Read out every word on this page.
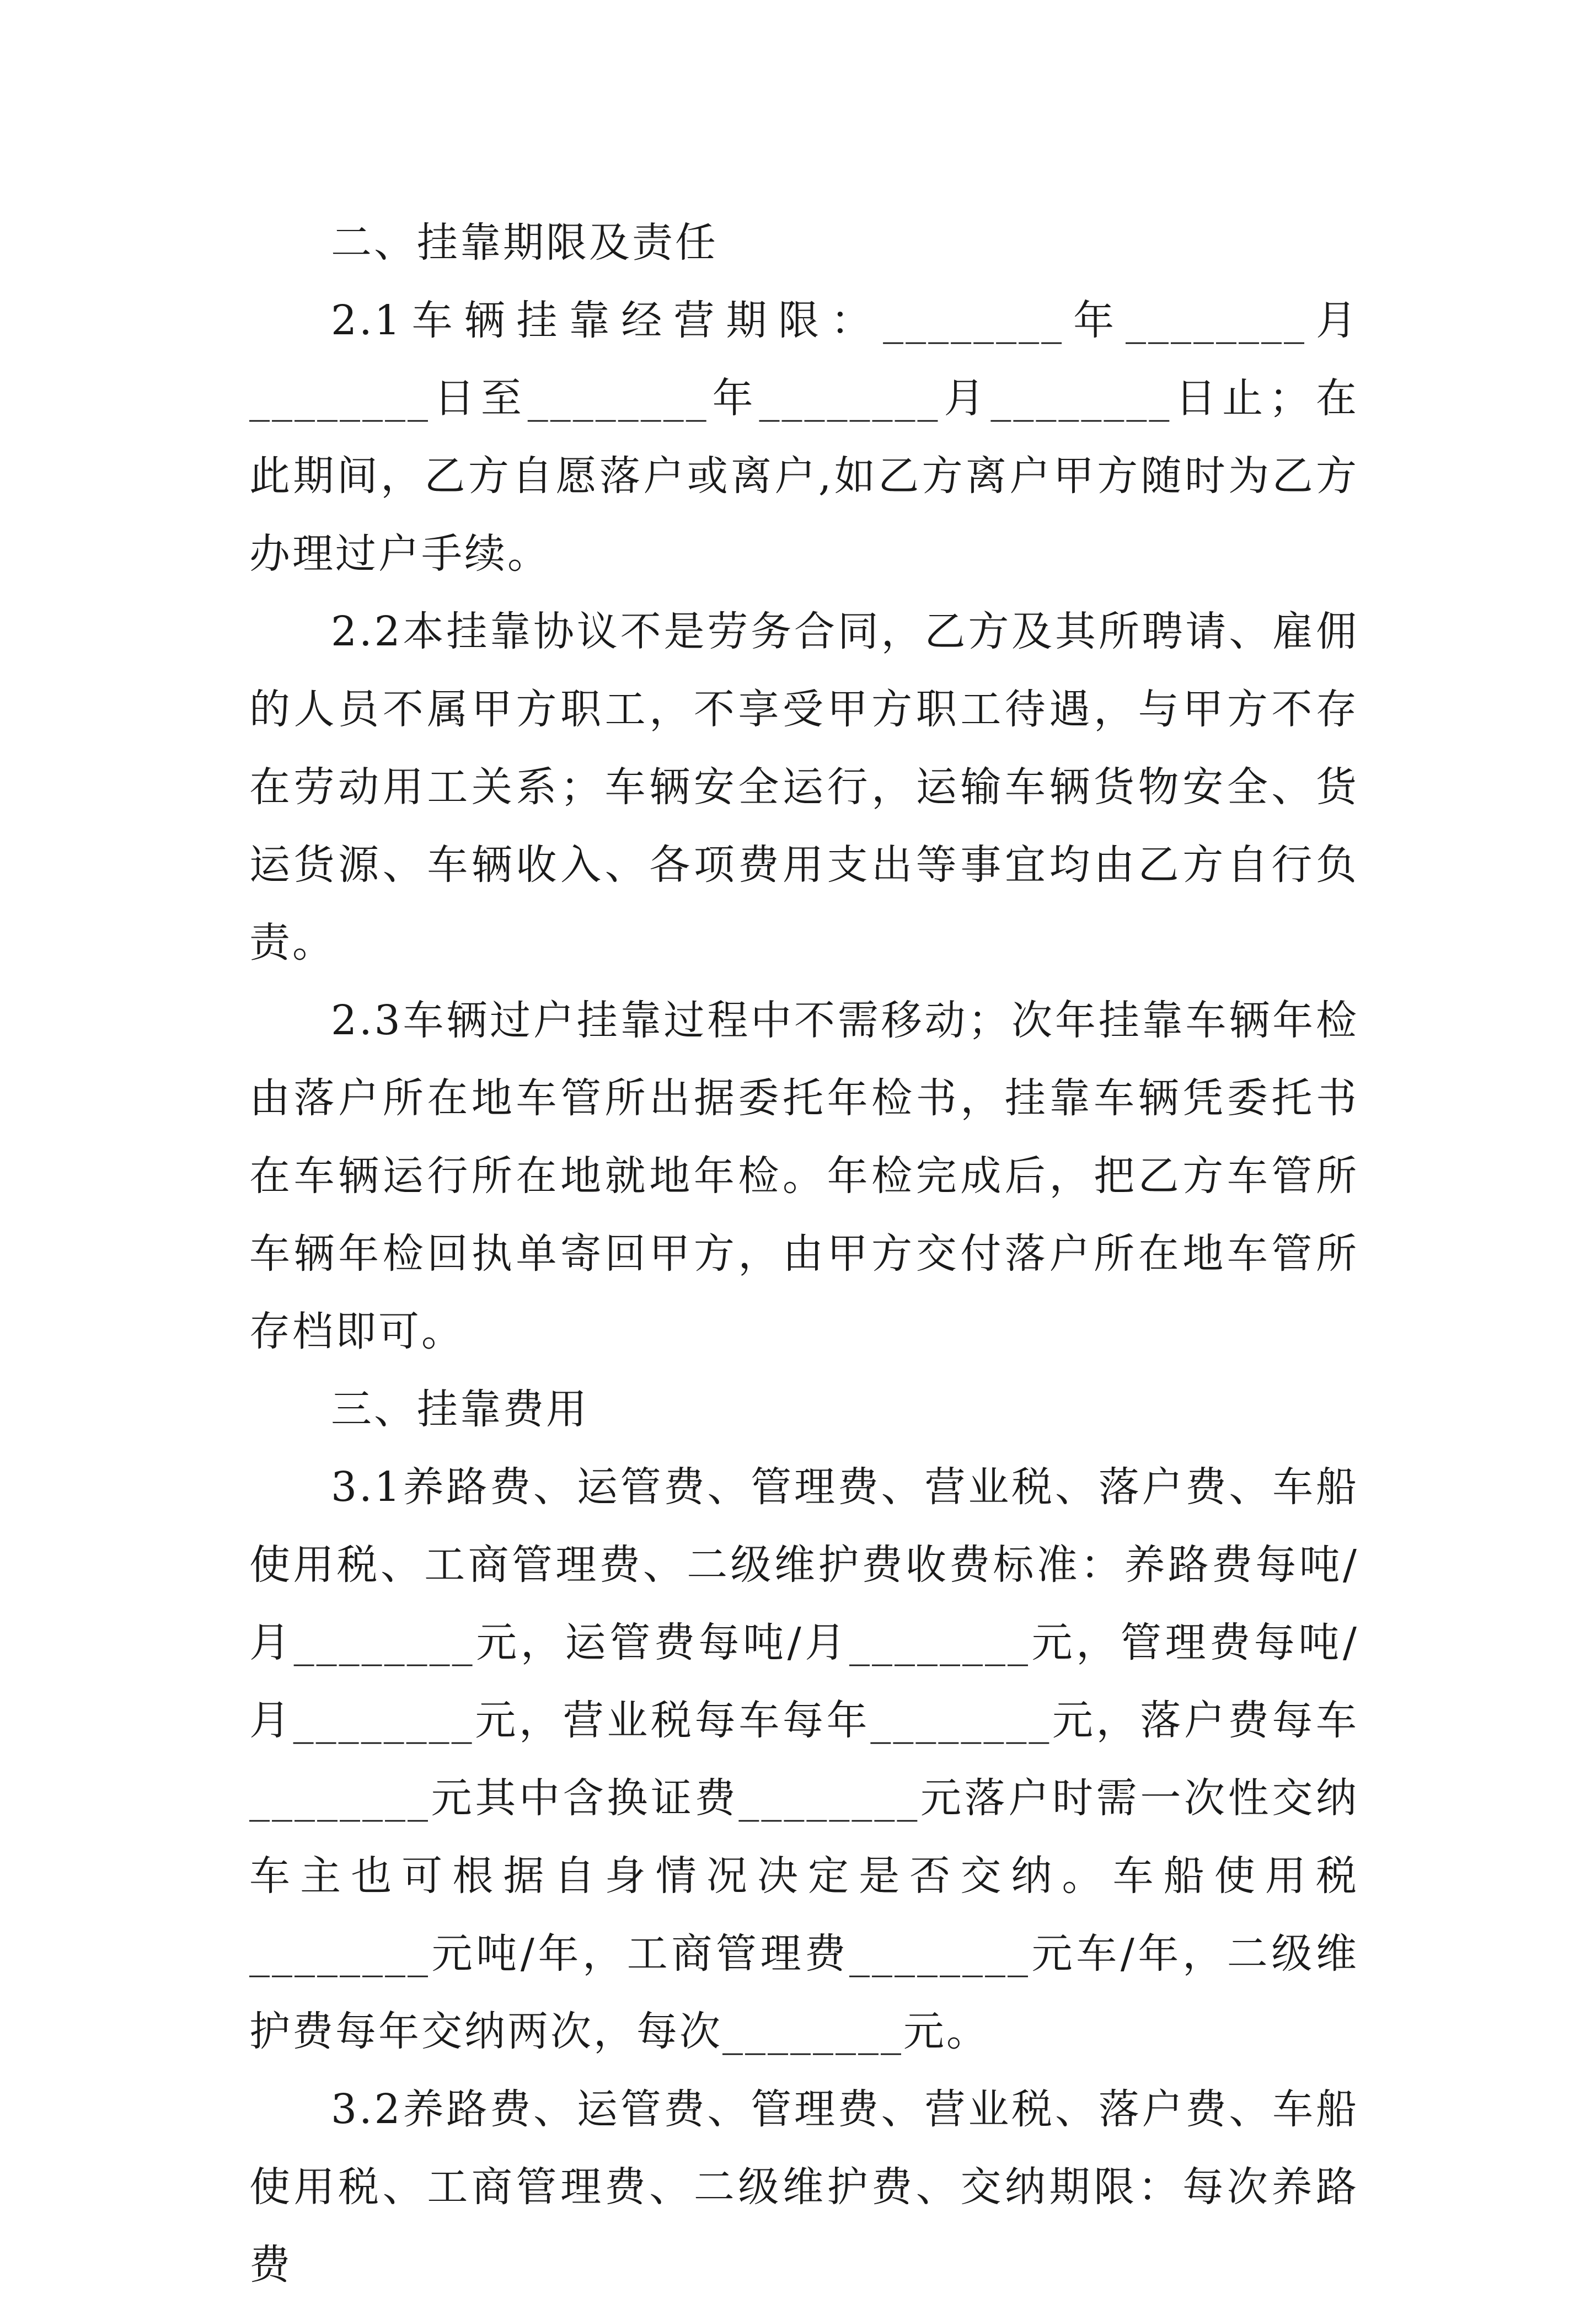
二、挂靠期限及责任

2.1车辆挂靠经营期限：________年________月________日至________年________月________日止；在此期间，乙方自愿落户或离户,如乙方离户甲方随时为乙方办理过户手续。

2.2本挂靠协议不是劳务合同，乙方及其所聘请、雇佣的人员不属甲方职工，不享受甲方职工待遇，与甲方不存在劳动用工关系；车辆安全运行，运输车辆货物安全、货运货源、车辆收入、各项费用支出等事宜均由乙方自行负责。

2.3车辆过户挂靠过程中不需移动；次年挂靠车辆年检由落户所在地车管所出据委托年检书，挂靠车辆凭委托书在车辆运行所在地就地年检。年检完成后，把乙方车管所车辆年检回执单寄回甲方，由甲方交付落户所在地车管所存档即可。

三、挂靠费用

3.1养路费、运管费、管理费、营业税、落户费、车船使用税、工商管理费、二级维护费收费标准：养路费每吨/月________元，运管费每吨/月________元，管理费每吨/月________元，营业税每车每年________元，落户费每车________元其中含换证费________元落户时需一次性交纳车主也可根据自身情况决定是否交纳。车船使用税________元吨/年，工商管理费________元车/年，二级维护费每年交纳两次，每次________元。

3.2养路费、运管费、管理费、营业税、落户费、车船使用税、工商管理费、二级维护费、交纳期限：每次养路费
